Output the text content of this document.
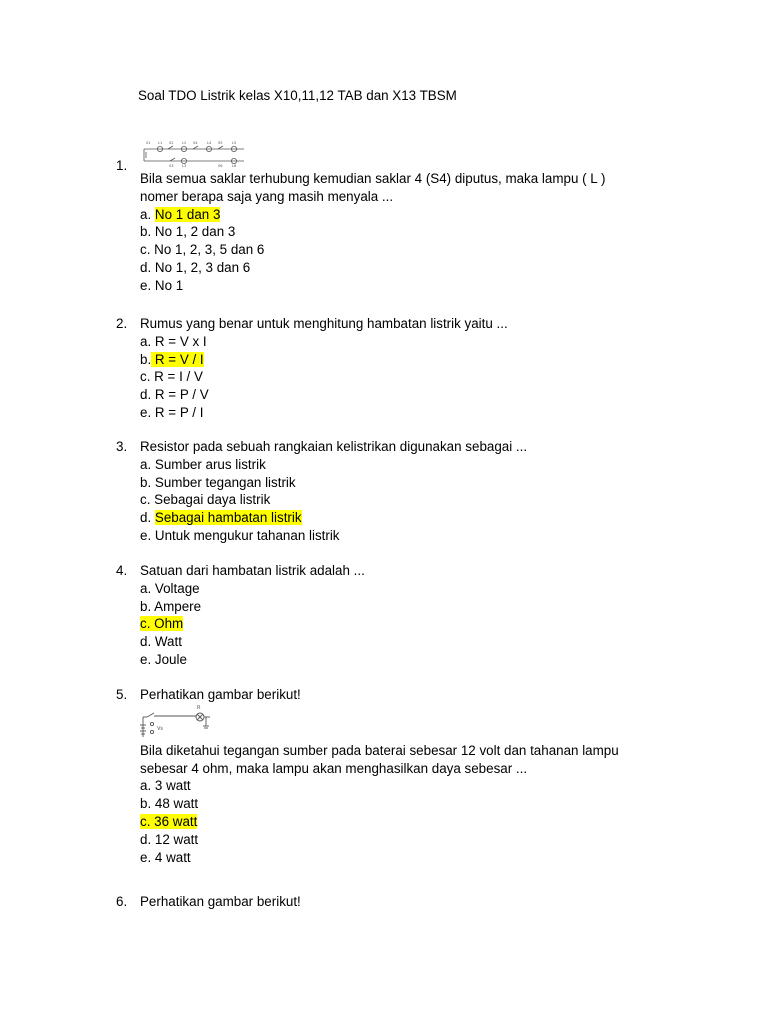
Soal TDO Listrik kelas X10,11,12 TAB dan X13 TBSM
1.
S1 L1 S2 L2 S4	L4 S5	L5
S3 L3	S6	L6
Bila semua saklar terhubung kemudian saklar 4 (S4) diputus, maka lampu ( L )
nomer berapa saja yang masih menyala ...
a. No 1 dan 3
b. No 1, 2 dan 3
c. No 1, 2, 3, 5 dan 6
d. No 1, 2, 3 dan 6
e. No 1
2. Rumus yang benar untuk menghitung hambatan listrik yaitu ...
a. R = V x I
b. R = V / I
c. R = I / V
d. R = P / V
e. R = P / I
3. Resistor pada sebuah rangkaian kelistrikan digunakan sebagai ...
a. Sumber arus listrik
b. Sumber tegangan listrik
c. Sebagai daya listrik
d. Sebagai hambatan listrik
e. Untuk mengukur tahanan listrik
4. Satuan dari hambatan listrik adalah ...
a. Voltage
b. Ampere
c. Ohm
d. Watt
e. Joule
5. Perhatikan gambar berikut!
R
Vs
Bila diketahui tegangan sumber pada baterai sebesar 12 volt dan tahanan lampu
sebesar 4 ohm, maka lampu akan menghasilkan daya sebesar ...
a. 3 watt
b. 48 watt
c. 36 watt
d. 12 watt
e. 4 watt
6. Perhatikan gambar berikut!
